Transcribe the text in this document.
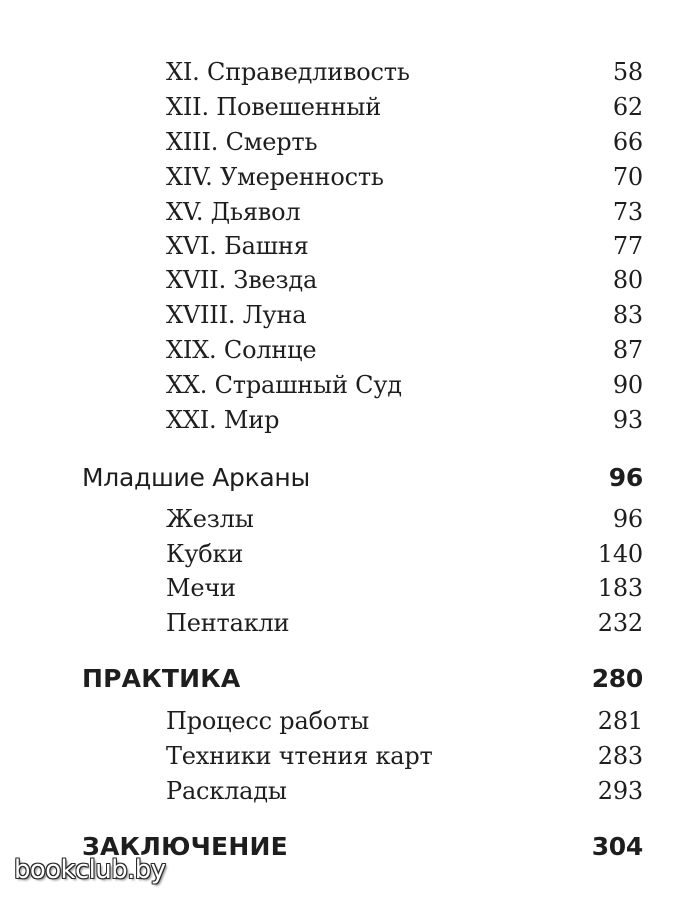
XI. Справедливость	58
XII. Повешенный	62
XIII. Смерть	66
XIV. Умеренность	70
XV. Дьявол	73
XVI. Башня	77
XVII. Звезда	80
XVIII. Луна	83
XIX. Солнце	87
XX. Страшный Суд	90
XXI. Мир	93
Младшие Арканы	96
Жезлы	96
Кубки	140
Мечи	183
Пентакли	232
ПРАКТИКА	280
Процесс работы	281
Техники чтения карт	283
Расклады	293
ЗАКЛЮЧЕНИЕ	304
bookclub.by
